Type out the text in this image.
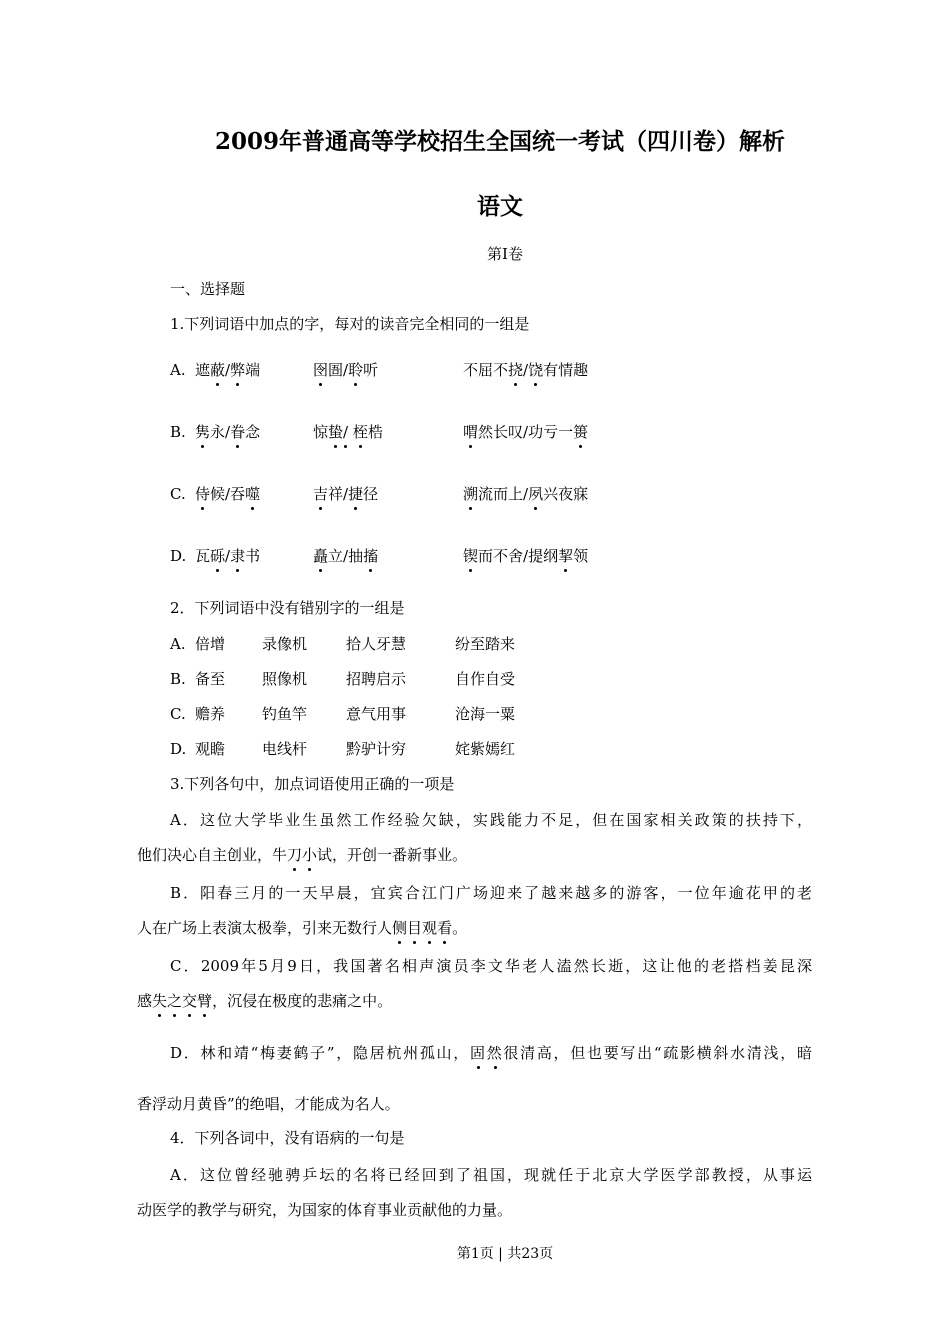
2009年普通高等学校招生全国统一考试（四川卷）解析
语文
第Ⅰ卷
一、选择题
1.下列词语中加点的字，每对的读音完全相同的一组是
A. 遮蔽/弊端	囹圄/聆听	不屈不挠/饶有情趣
B. 隽永/眷念	惊蛰/ 桎梏	喟然长叹/功亏一篑
C. 侍候/吞噬	吉祥/捷径	溯流而上/夙兴夜寐
D. 瓦砾/隶书	矗立/抽搐	锲而不舍/提纲挈领
2．下列词语中没有错别字的一组是
A. 倍增 录像机	拾人牙慧	纷至踏来
B. 备至 照像机	招聘启示	自作自受
C. 赡养 钓鱼竿	意气用事	沧海一粟
D. 观瞻 电线杆	黔驴计穷	姹紫嫣红
3.下列各句中，加点词语使用正确的一项是
A．这位大学毕业生虽然工作经验欠缺，实践能力不足，但在国家相关政策的扶持下，
他们决心自主创业，牛刀小试，开创一番新事业。
B．阳春三月的一天早晨，宜宾合江门广场迎来了越来越多的游客，一位年逾花甲的老
人在广场上表演太极拳，引来无数行人侧目观看。
C．2009年5月9日，我国著名相声演员李文华老人溘然长逝，这让他的老搭档姜昆深
感失之交臂，沉侵在极度的悲痛之中。
D．林和靖“梅妻鹤子”，隐居杭州孤山，固然很清高，但也要写出“疏影横斜水清浅，暗
香浮动月黄昏”的绝唱，才能成为名人。
4．下列各词中，没有语病的一句是
A．这位曾经驰骋乒坛的名将已经回到了祖国，现就任于北京大学医学部教授，从事运
动医学的教学与研究，为国家的体育事业贡献他的力量。
第1页 | 共23页
